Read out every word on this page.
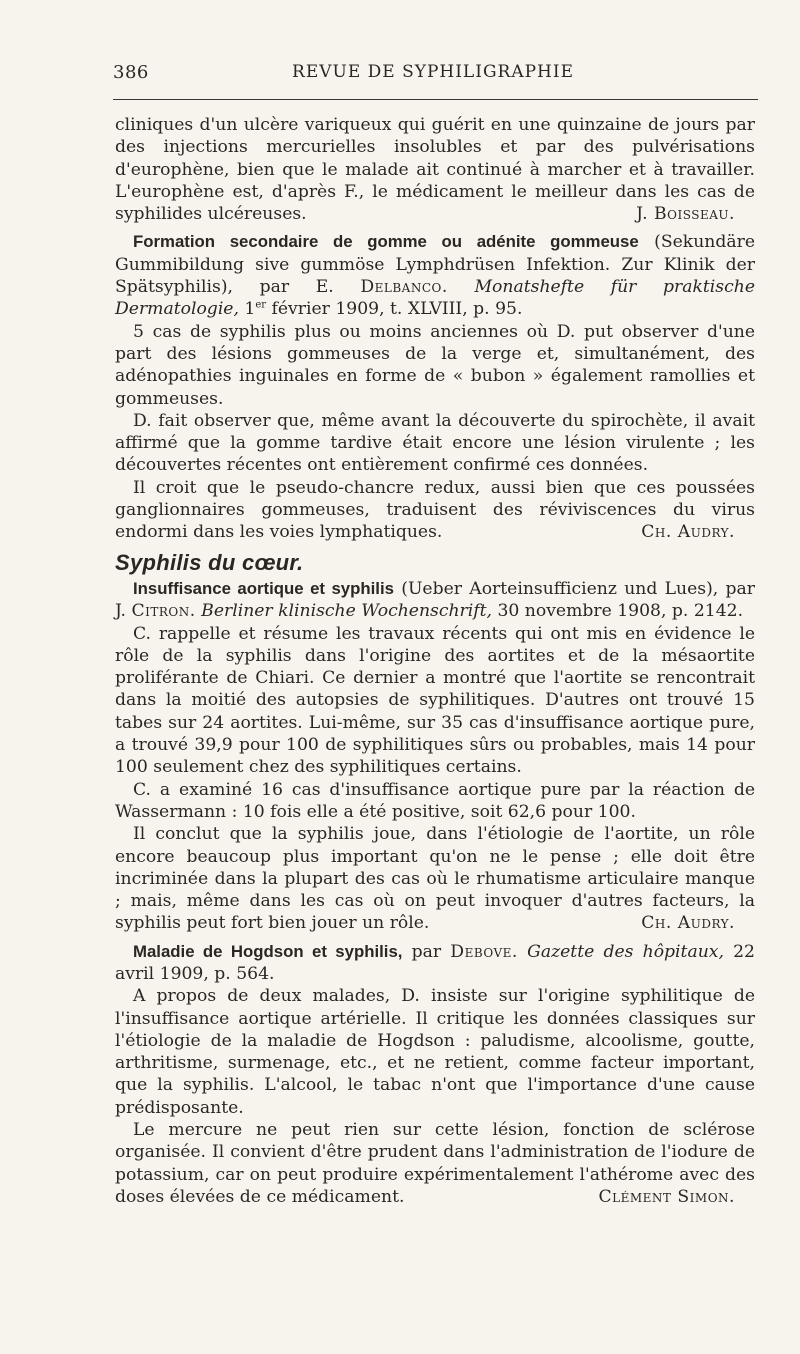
386	REVUE DE SYPHILIGRAPHIE

cliniques d'un ulcère variqueux qui guérit en une quinzaine de jours par des injections mercurielles insolubles et par des pulvérisations d'europhène, bien que le malade ait continué à marcher et à travailler. L'europhène est, d'après F., le médicament le meilleur dans les cas de syphilides ulcéreuses.	J. Boisseau.

Formation secondaire de gomme ou adénite gommeuse (Sekundäre Gummibildung sive gummöse Lymphdrüsen Infektion. Zur Klinik der Spätsyphilis), par E. Delbanco. Monatshefte für praktische Dermatologie, 1er février 1909, t. XLVIII, p. 95.

5 cas de syphilis plus ou moins anciennes où D. put observer d'une part des lésions gommeuses de la verge et, simultanément, des adénopathies inguinales en forme de « bubon » également ramollies et gommeuses.

D. fait observer que, même avant la découverte du spirochète, il avait affirmé que la gomme tardive était encore une lésion virulente ; les découvertes récentes ont entièrement confirmé ces données.

Il croit que le pseudo-chancre redux, aussi bien que ces poussées ganglionnaires gommeuses, traduisent des réviviscences du virus endormi dans les voies lymphatiques.	Ch. Audry.

Syphilis du cœur.

Insuffisance aortique et syphilis (Ueber Aorteinsufficienz und Lues), par J. Citron. Berliner klinische Wochenschrift, 30 novembre 1908, p. 2142.

C. rappelle et résume les travaux récents qui ont mis en évidence le rôle de la syphilis dans l'origine des aortites et de la mésaortite proliférante de Chiari. Ce dernier a montré que l'aortite se rencontrait dans la moitié des autopsies de syphilitiques. D'autres ont trouvé 15 tabes sur 24 aortites. Lui-même, sur 35 cas d'insuffisance aortique pure, a trouvé 39,9 pour 100 de syphilitiques sûrs ou probables, mais 14 pour 100 seulement chez des syphilitiques certains.

C. a examiné 16 cas d'insuffisance aortique pure par la réaction de Wassermann : 10 fois elle a été positive, soit 62,6 pour 100.

Il conclut que la syphilis joue, dans l'étiologie de l'aortite, un rôle encore beaucoup plus important qu'on ne le pense ; elle doit être incriminée dans la plupart des cas où le rhumatisme articulaire manque ; mais, même dans les cas où on peut invoquer d'autres facteurs, la syphilis peut fort bien jouer un rôle.	Ch. Audry.

Maladie de Hogdson et syphilis, par Debove. Gazette des hôpitaux, 22 avril 1909, p. 564.

A propos de deux malades, D. insiste sur l'origine syphilitique de l'insuffisance aortique artérielle. Il critique les données classiques sur l'étiologie de la maladie de Hogdson : paludisme, alcoolisme, goutte, arthritisme, surmenage, etc., et ne retient, comme facteur important, que la syphilis. L'alcool, le tabac n'ont que l'importance d'une cause prédisposante.

Le mercure ne peut rien sur cette lésion, fonction de sclérose organisée. Il convient d'être prudent dans l'administration de l'iodure de potassium, car on peut produire expérimentalement l'athérome avec des doses élevées de ce médicament.	Clément Simon.
